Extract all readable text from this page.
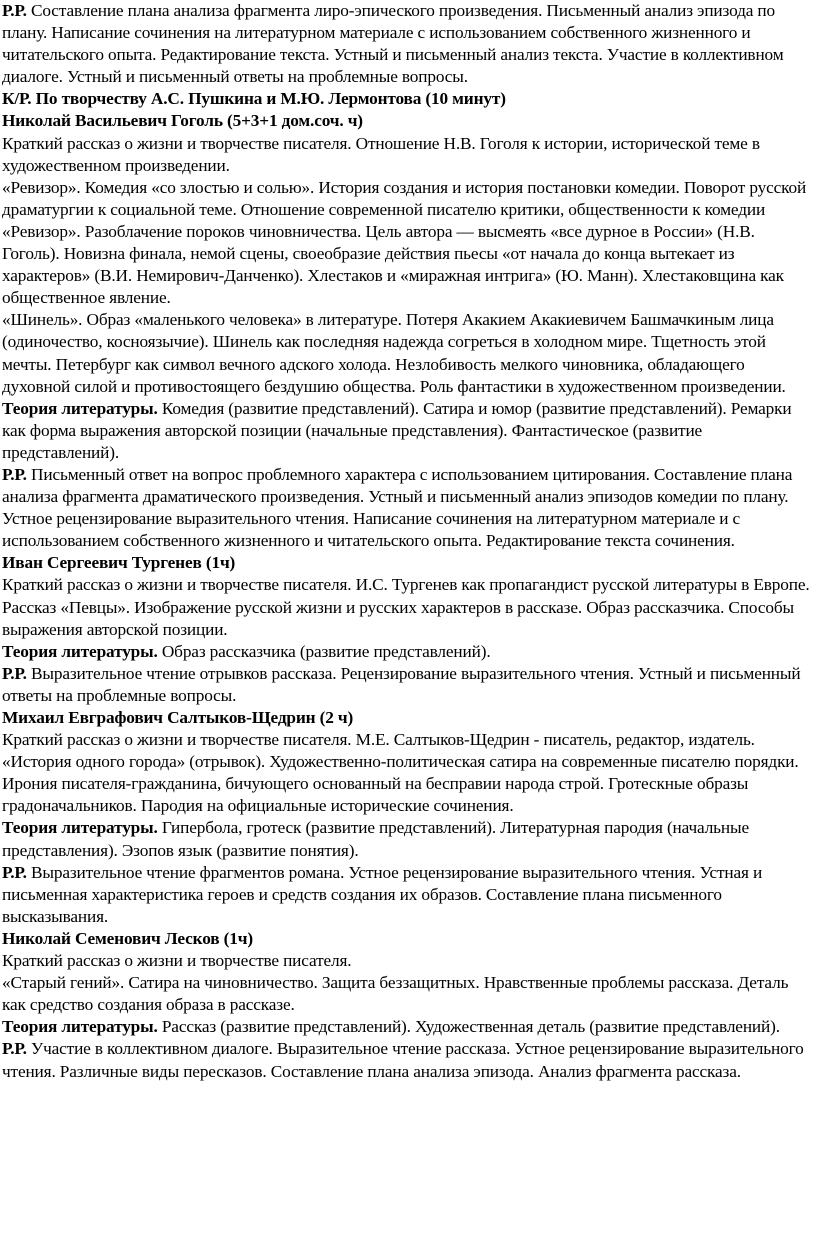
Р.Р. Составление плана анализа фрагмента лиро-эпического произведения. Письменный анализ эпизода по плану. Написание сочинения на литературном материале с использованием собственного жизненного и читательского опыта. Редактирование текста. Устный и письменный анализ текста. Участие в коллективном диалоге. Устный и письменный ответы на проблемные вопросы.

К/Р. По творчеству А.С. Пушкина и М.Ю. Лермонтова (10 минут)

Николай Васильевич Гоголь (5+3+1 дом.соч. ч)

Краткий рассказ о жизни и творчестве писателя. Отношение Н.В. Гоголя к истории, исторической теме в художественном произведении.

«Ревизор». Комедия «со злостью и солью». История создания и история постановки комедии. Поворот русской драматургии к социальной теме. Отношение современной писателю критики, общественности к комедии «Ревизор». Разоблачение пороков чиновничества. Цель автора — высмеять «все дурное в России» (Н.В. Гоголь). Новизна финала, немой сцены, своеобразие действия пьесы «от начала до конца вытекает из характеров» (В.И. Немирович-Данченко). Хлестаков и «миражная интрига» (Ю. Манн). Хлестаковщина как общественное явление.

«Шинель». Образ «маленького человека» в литературе. Потеря Акакием Акакиевичем Башмачкиным лица (одиночество, косноязычие). Шинель как последняя надежда согреться в холодном мире. Тщетность этой мечты. Петербург как символ вечного адского холода. Незлобивость мелкого чиновника, обладающего духовной силой и противостоящего бездушию общества. Роль фантастики в художественном произведении.

Теория литературы. Комедия (развитие представлений). Сатира и юмор (развитие представлений). Ремарки как форма выражения авторской позиции (начальные представления). Фантастическое (развитие представлений).

Р.Р. Письменный ответ на вопрос проблемного характера с использованием цитирования. Составление плана анализа фрагмента драматического произведения. Устный и письменный анализ эпизодов комедии по плану. Устное рецензирование выразительного чтения. Написание сочинения на литературном материале и с использованием собственного жизненного и читательского опыта. Редактирование текста сочинения.

Иван Сергеевич Тургенев (1ч)

Краткий рассказ о жизни и творчестве писателя. И.С. Тургенев как пропагандист русской литературы в Европе.

Рассказ «Певцы». Изображение русской жизни и русских характеров в рассказе. Образ рассказчика. Способы выражения авторской позиции.

Теория литературы. Образ рассказчика (развитие представлений).

Р.Р. Выразительное чтение отрывков рассказа. Рецензирование выразительного чтения. Устный и письменный ответы на проблемные вопросы.

Михаил Евграфович Салтыков-Щедрин (2 ч)

Краткий рассказ о жизни и творчестве писателя. М.Е. Салтыков-Щедрин - писатель, редактор, издатель.

«История одного города» (отрывок). Художественно-политическая сатира на современные писателю порядки. Ирония писателя-гражданина, бичующего основанный на бесправии народа строй. Гротескные образы градоначальников. Пародия на официальные исторические сочинения.

Теория литературы. Гипербола, гротеск (развитие представлений). Литературная пародия (начальные представления). Эзопов язык (развитие понятия).

Р.Р. Выразительное чтение фрагментов романа. Устное рецензирование выразительного чтения. Устная и письменная характеристика героев и средств создания их образов. Составление плана письменного высказывания.

Николай Семенович Лесков (1ч)

Краткий рассказ о жизни и творчестве писателя.

«Старый гений». Сатира на чиновничество. Защита беззащитных. Нравственные проблемы рассказа. Деталь как средство создания образа в рассказе.

Теория литературы. Рассказ (развитие представлений). Художественная деталь (развитие представлений).

Р.Р. Участие в коллективном диалоге. Выразительное чтение рассказа. Устное рецензирование выразительного чтения. Различные виды пересказов. Составление плана анализа эпизода. Анализ фрагмента рассказа.
